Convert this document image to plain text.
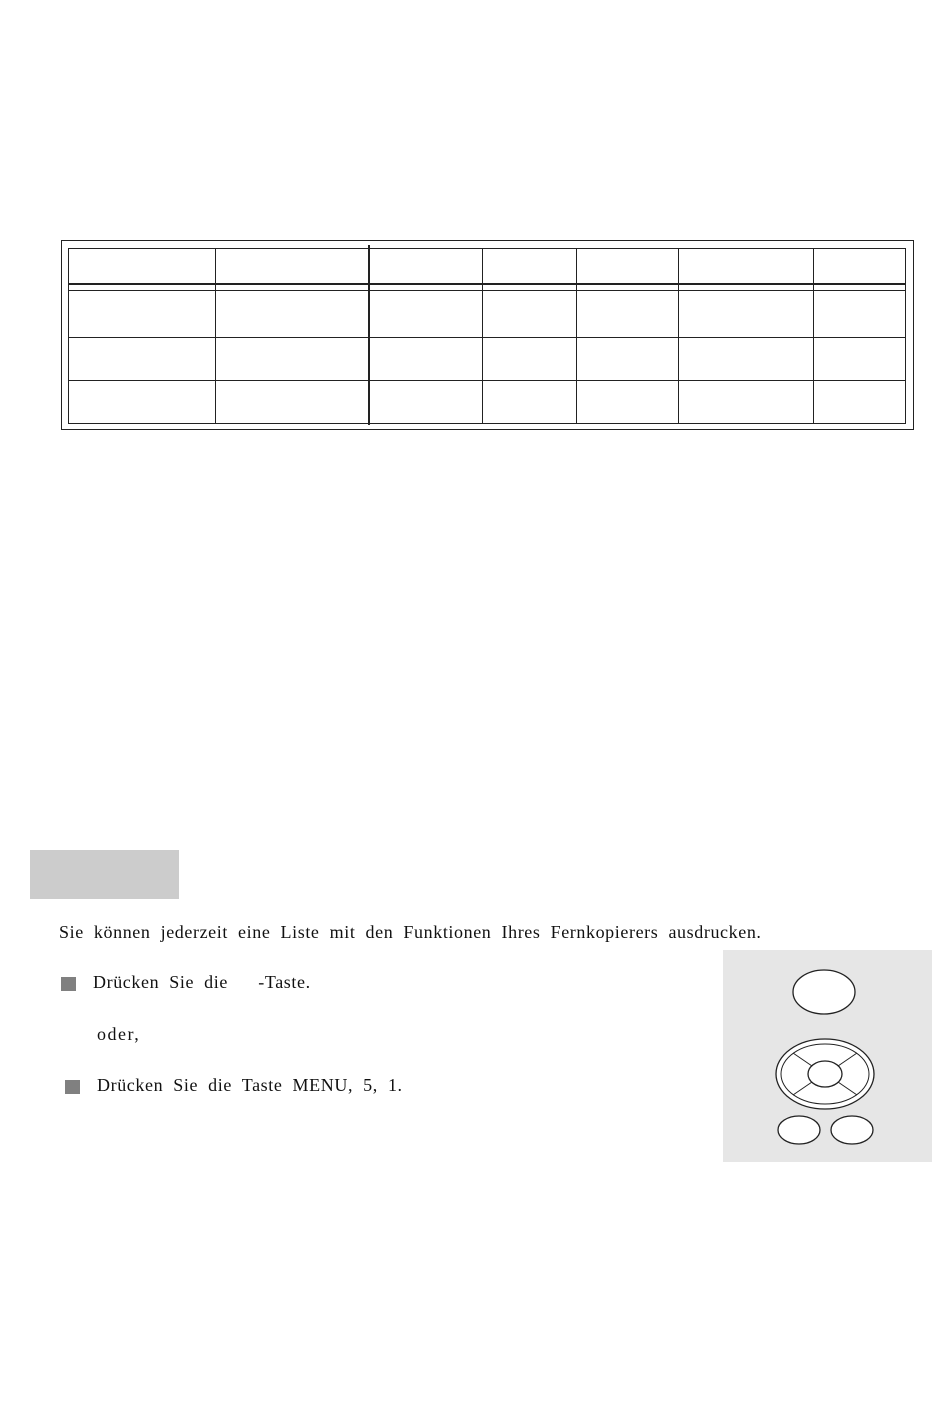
Sie können jederzeit eine Liste mit den Funktionen Ihres Fernkopierers ausdrucken.
Drücken Sie die   -Taste.
oder,
Drücken Sie die Taste MENU, 5, 1.
